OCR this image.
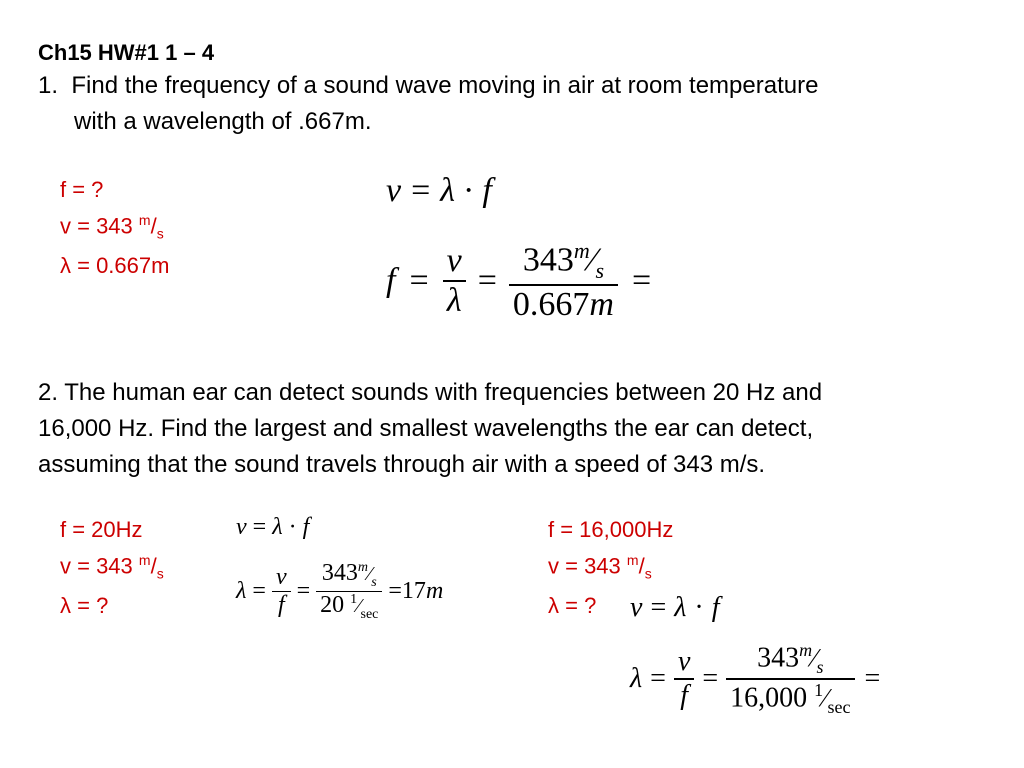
Ch15 HW#1 1 – 4
1. Find the frequency of a sound wave moving in air at room temperature
with a wavelength of .667m.
f = ?
v = 343 $^m/_s$
λ = 0.667m
v = λ · f
$f = \frac{v}{\lambda} = \frac{343^m⁄_s}{0.667m}$ =
2. The human ear can detect sounds with frequencies between 20 Hz and
16,000 Hz. Find the largest and smallest wavelengths the ear can detect,
assuming that the sound travels through air with a speed of 343 m/s.
f = 20Hz
v = 343 $^m/_s$
λ = ?
v = λ · f
$\lambda = \frac{v}{f} = \frac{343^m⁄_s}{20 ^1⁄_{sec}} =17$ m
f = 16,000Hz
v = 343 $^m/_s$
λ = ?	v = λ · f
$\lambda = \frac{v}{f} = \frac{343^m⁄_s}{16,000 ^1⁄_{sec}}$ =
